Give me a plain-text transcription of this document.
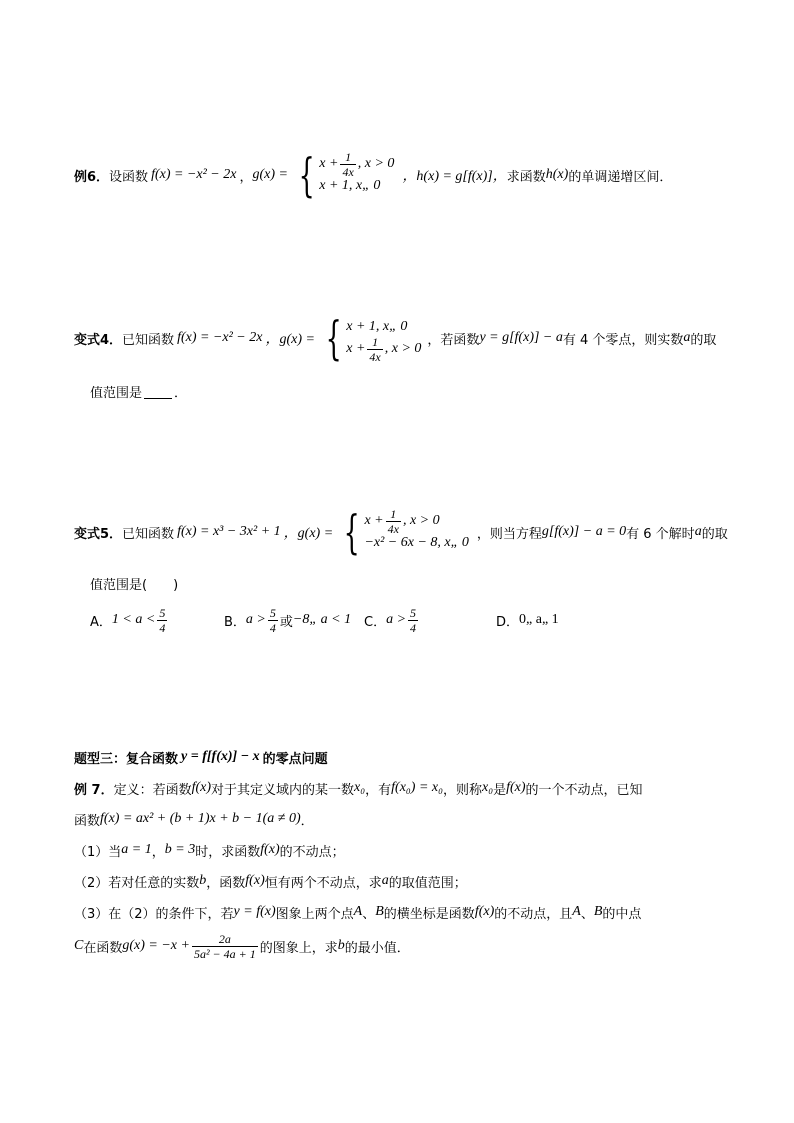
例6． 设函数 f(x) = −x² − 2x ， g(x) = { $x + \frac{1}{4x}$ , x > 0
x + 1, x„ 0
，h(x) = g[f(x)]， 求函数 h(x) 的单调递增区间．
变式4． 已知函数 f(x) = −x² − 2x ，g(x) = { x + 1, x„ 0
$x + \frac{1}{4x}$ , x > 0
，若函数 y = g[f(x)] − a 有 4 个零点，则实数 a 的取
值范围是 ．
变式5． 已知函数 f(x) = x³ − 3x² + 1 ，g(x) = { $x + \frac{1}{4x}$ , x > 0
−x² − 6x − 8, x„ 0
，则当方程 g[f(x)] − a = 0 有 6 个解时 a 的取
值范围是(　　)
A． $1 < a < \frac{5}{4}$	B． $a > \frac{5}{4}$ 或 −8„ a < 1 C． $a > \frac{5}{4}$	D． 0„ a„ 1
题型三：复合函数 y = f[f(x)] − x 的零点问题
例 7． 定义：若函数 f(x) 对于其定义域内的某一数 x₀ ，有 f(x₀) = x₀ ，则称 x₀ 是 f(x) 的一个不动点，已知
函数 f(x) = ax² + (b + 1)x + b − 1(a ≠ 0) ．
（1）当 a = 1 ， b = 3 时，求函数 f(x) 的不动点；
（2）若对任意的实数 b ，函数 f(x) 恒有两个不动点，求 a 的取值范围；
（3）在（2）的条件下，若 y = f(x) 图象上两个点 A 、 B 的横坐标是函数 f(x) 的不动点，且 A 、 B 的中点
C 在函数 $g(x) = -x + \frac{2a}{\text{5a² − 4a + 1}}$ 的图象上，求 b 的最小值．
